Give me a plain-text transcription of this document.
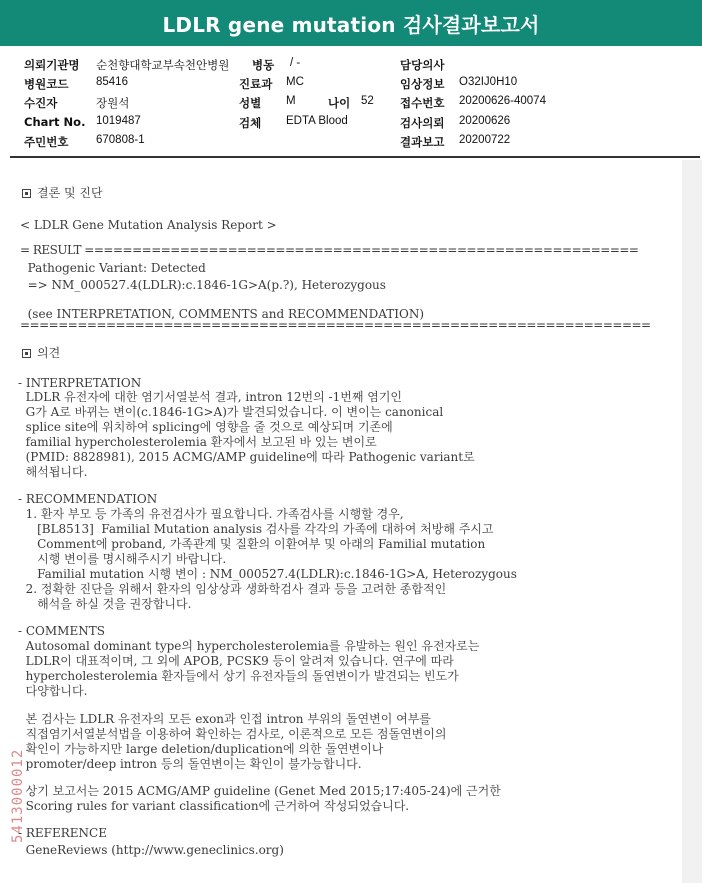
LDLR gene mutation 검사결과보고서
의뢰기관명 순천향대학교부속천안병원 병동 / -	담당의사
병원코드 85416	진료과 MC	임상정보 O32IJ0H10
수진자	장원석	성별 M	나이 52 접수번호 20200626-40074
Chart No. 1019487	검체 EDTA Blood	검사의뢰 20200626
주민번호 670808-1	결과보고 20200722
결론 및 진단
< LDLR Gene Mutation Analysis Report >
= RESULT ==========================================================
Pathogenic Variant: Detected
=> NM_000527.4(LDLR):c.1846-1G>A(p.?), Heterozygous
(see INTERPRETATION, COMMENTS and RECOMMENDATION)
==================================================================
의견
- INTERPRETATION
LDLR 유전자에 대한 염기서열분석 결과, intron 12번의 -1번째 염기인
G가 A로 바뀌는 변이(c.1846-1G>A)가 발견되었습니다. 이 변이는 canonical
splice site에 위치하여 splicing에 영향을 줄 것으로 예상되며 기존에
familial hypercholesterolemia 환자에서 보고된 바 있는 변이로
(PMID: 8828981), 2015 ACMG/AMP guideline에 따라 Pathogenic variant로
해석됩니다.
- RECOMMENDATION
1. 환자 부모 등 가족의 유전검사가 필요합니다. 가족검사를 시행할 경우,
[BL8513]  Familial Mutation analysis 검사를 각각의 가족에 대하여 처방해 주시고
Comment에 proband, 가족관계 및 질환의 이환여부 및 아래의 Familial mutation
시행 변이를 명시해주시기 바랍니다.
Familial mutation 시행 변이 : NM_000527.4(LDLR):c.1846-1G>A, Heterozygous
2. 정확한 진단을 위해서 환자의 임상상과 생화학검사 결과 등을 고려한 종합적인
해석을 하실 것을 권장합니다.
- COMMENTS
Autosomal dominant type의 hypercholesterolemia를 유발하는 원인 유전자로는
LDLR이 대표적이며, 그 외에 APOB, PCSK9 등이 알려져 있습니다. 연구에 따라
hypercholesterolemia 환자들에서 상기 유전자들의 돌연변이가 발견되는 빈도가
다양합니다.
본 검사는 LDLR 유전자의 모든 exon과 인접 intron 부위의 돌연변이 여부를
직접염기서열분석법을 이용하여 확인하는 검사로, 이론적으로 모든 점돌연변이의
확인이 가능하지만 large deletion/duplication에 의한 돌연변이나
promoter/deep intron 등의 돌연변이는 확인이 불가능합니다.
상기 보고서는 2015 ACMG/AMP guideline (Genet Med 2015;17:405-24)에 근거한
Scoring rules for variant classification에 근거하여 작성되었습니다.
- REFERENCE
GeneReviews (http://www.geneclinics.org)
5413000012
